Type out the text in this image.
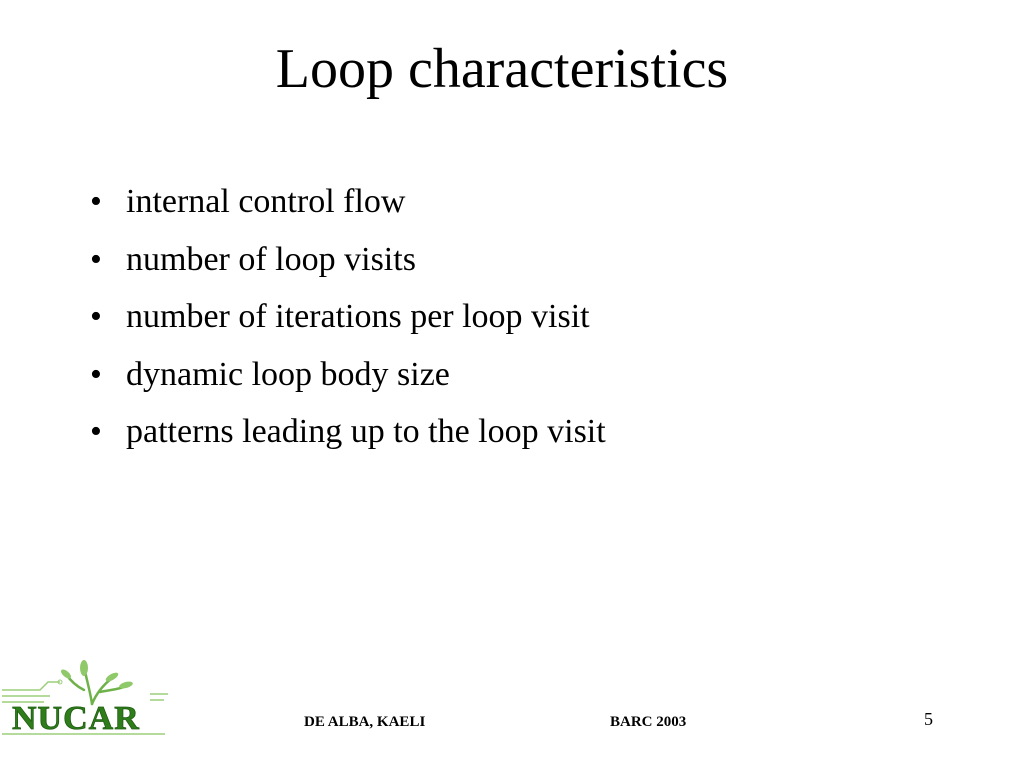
Loop characteristics
• internal control flow
• number of loop visits
• number of iterations per loop visit
• dynamic loop body size
• patterns leading up to the loop visit
NUCAR	DE ALBA, KAELI	BARC 2003	5
